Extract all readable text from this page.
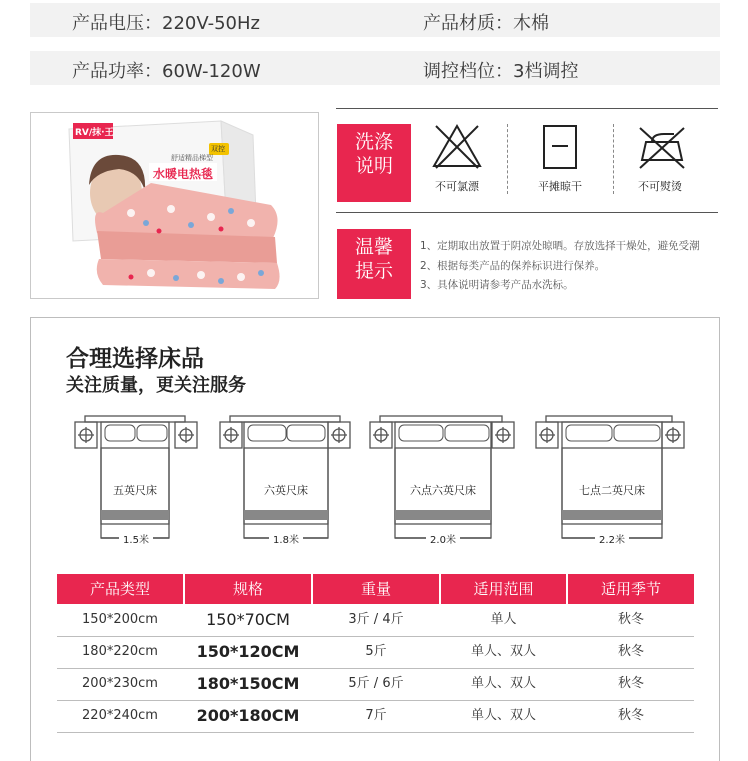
产品电压：220V-50Hz	产品材质：木棉
产品功率：60W-120W	调控档位：3档调控
RV/抹·王
舒适精品梯型
水暖电热毯
双控	洗涤
说明
不可氯漂	平摊晾干	不可熨烫
温馨
提示
1、定期取出放置于阴凉处晾晒。存放选择干燥处，避免受潮
2、根据每类产品的保养标识进行保养。
3、具体说明请参考产品水洗标。
合理选择床品
关注质量，更关注服务
五英尺床	六英尺床	六点六英尺床	七点二英尺床
1.5米	1.8米	2.0米	2.2米
产品类型	规格	重量	适用范围	适用季节
150*200cm	150*70CM	3斤 / 4斤	单人	秋冬
180*220cm	150*120CM	5斤	单人、双人	秋冬
200*230cm	180*150CM	5斤 / 6斤	单人、双人	秋冬
220*240cm	200*180CM	7斤	单人、双人	秋冬
